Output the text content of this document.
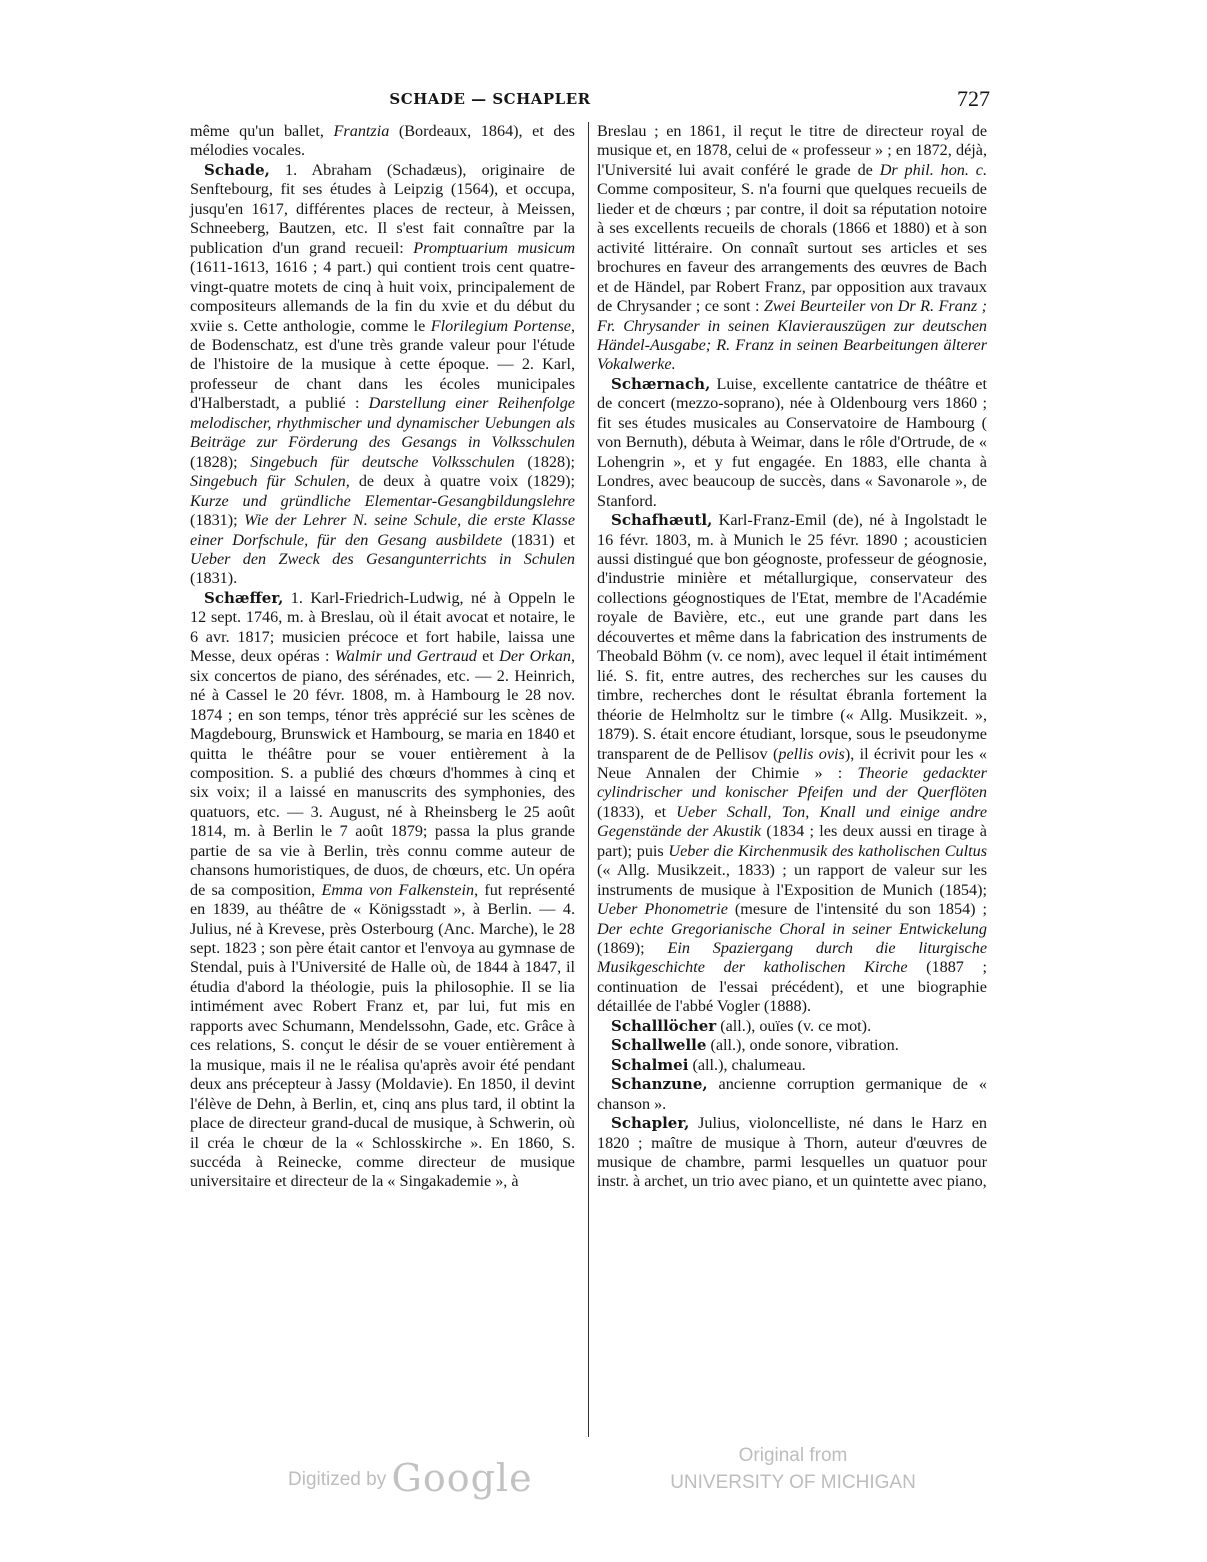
SCHADE — SCHAPLER	727

même qu'un ballet, Frantzia (Bordeaux, 1864), et des mélodies vocales.

Schade, 1. Abraham (Schadæus), originaire de Senftebourg, fit ses études à Leipzig (1564), et occupa, jusqu'en 1617, différentes places de recteur, à Meissen, Schneeberg, Bautzen, etc. Il s'est fait connaître par la publication d'un grand recueil: Promptuarium musicum (1611-1613, 1616 ; 4 part.) qui contient trois cent quatre-vingt-quatre motets de cinq à huit voix, principalement de compositeurs allemands de la fin du xvie et du début du xviie s. Cette anthologie, comme le Florilegium Portense, de Bodenschatz, est d'une très grande valeur pour l'étude de l'histoire de la musique à cette époque. — 2. Karl, professeur de chant dans les écoles municipales d'Halberstadt, a publié : Darstellung einer Reihenfolge melodischer, rhythmischer und dynamischer Uebungen als Beiträge zur Förderung des Gesangs in Volksschulen (1828); Singebuch für deutsche Volksschulen (1828); Singebuch für Schulen, de deux à quatre voix (1829); Kurze und gründliche Elementar-Gesangbildungslehre (1831); Wie der Lehrer N. seine Schule, die erste Klasse einer Dorfschule, für den Gesang ausbildete (1831) et Ueber den Zweck des Gesangunterrichts in Schulen (1831).

Schæffer, 1. Karl-Friedrich-Ludwig, né à Oppeln le 12 sept. 1746, m. à Breslau, où il était avocat et notaire, le 6 avr. 1817; musicien précoce et fort habile, laissa une Messe, deux opéras : Walmir und Gertraud et Der Orkan, six concertos de piano, des sérénades, etc. — 2. Heinrich, né à Cassel le 20 févr. 1808, m. à Hambourg le 28 nov. 1874 ; en son temps, ténor très apprécié sur les scènes de Magdebourg, Brunswick et Hambourg, se maria en 1840 et quitta le théâtre pour se vouer entièrement à la composition. S. a publié des chœurs d'hommes à cinq et six voix; il a laissé en manuscrits des symphonies, des quatuors, etc. — 3. August, né à Rheinsberg le 25 août 1814, m. à Berlin le 7 août 1879; passa la plus grande partie de sa vie à Berlin, très connu comme auteur de chansons humoristiques, de duos, de chœurs, etc. Un opéra de sa composition, Emma von Falkenstein, fut représenté en 1839, au théâtre de « Königsstadt », à Berlin. — 4. Julius, né à Krevese, près Osterbourg (Anc. Marche), le 28 sept. 1823 ; son père était cantor et l'envoya au gymnase de Stendal, puis à l'Université de Halle où, de 1844 à 1847, il étudia d'abord la théologie, puis la philosophie. Il se lia intimément avec Robert Franz et, par lui, fut mis en rapports avec Schumann, Mendelssohn, Gade, etc. Grâce à ces relations, S. conçut le désir de se vouer entièrement à la musique, mais il ne le réalisa qu'après avoir été pendant deux ans précepteur à Jassy (Moldavie). En 1850, il devint l'élève de Dehn, à Berlin, et, cinq ans plus tard, il obtint la place de directeur grand-ducal de musique, à Schwerin, où il créa le chœur de la « Schlosskirche ». En 1860, S. succéda à Reinecke, comme directeur de musique universitaire et directeur de la « Singakademie », à

Breslau ; en 1861, il reçut le titre de directeur royal de musique et, en 1878, celui de « professeur » ; en 1872, déjà, l'Université lui avait conféré le grade de Dr phil. hon. c. Comme compositeur, S. n'a fourni que quelques recueils de lieder et de chœurs ; par contre, il doit sa réputation notoire à ses excellents recueils de chorals (1866 et 1880) et à son activité littéraire. On connaît surtout ses articles et ses brochures en faveur des arrangements des œuvres de Bach et de Händel, par Robert Franz, par opposition aux travaux de Chrysander ; ce sont : Zwei Beurteiler von Dr R. Franz ; Fr. Chrysander in seinen Klavierauszügen zur deutschen Händel-Ausgabe; R. Franz in seinen Bearbeitungen älterer Vokalwerke.

Schærnach, Luise, excellente cantatrice de théâtre et de concert (mezzo-soprano), née à Oldenbourg vers 1860 ; fit ses études musicales au Conservatoire de Hambourg ( von Bernuth), débuta à Weimar, dans le rôle d'Ortrude, de « Lohengrin », et y fut engagée. En 1883, elle chanta à Londres, avec beaucoup de succès, dans « Savonarole », de Stanford.

Schafhæutl, Karl-Franz-Emil (de), né à Ingolstadt le 16 févr. 1803, m. à Munich le 25 févr. 1890 ; acousticien aussi distingué que bon géognoste, professeur de géognosie, d'industrie minière et métallurgique, conservateur des collections géognostiques de l'Etat, membre de l'Académie royale de Bavière, etc., eut une grande part dans les découvertes et même dans la fabrication des instruments de Theobald Böhm (v. ce nom), avec lequel il était intimément lié. S. fit, entre autres, des recherches sur les causes du timbre, recherches dont le résultat ébranla fortement la théorie de Helmholtz sur le timbre (« Allg. Musikzeit. », 1879). S. était encore étudiant, lorsque, sous le pseudonyme transparent de de Pellisov (pellis ovis), il écrivit pour les « Neue Annalen der Chimie » : Theorie gedackter cylindrischer und konischer Pfeifen und der Querflöten (1833), et Ueber Schall, Ton, Knall und einige andre Gegenstände der Akustik (1834 ; les deux aussi en tirage à part); puis Ueber die Kirchenmusik des katholischen Cultus (« Allg. Musikzeit., 1833) ; un rapport de valeur sur les instruments de musique à l'Exposition de Munich (1854); Ueber Phonometrie (mesure de l'intensité du son 1854) ; Der echte Gregorianische Choral in seiner Entwickelung (1869); Ein Spaziergang durch die liturgische Musikgeschichte der katholischen Kirche (1887 ; continuation de l'essai précédent), et une biographie détaillée de l'abbé Vogler (1888).

Schalllöcher (all.), ouïes (v. ce mot).

Schallwelle (all.), onde sonore, vibration.

Schalmei (all.), chalumeau.

Schanzune, ancienne corruption germanique de « chanson ».

Schapler, Julius, violoncelliste, né dans le Harz en 1820 ; maître de musique à Thorn, auteur d'œuvres de musique de chambre, parmi lesquelles un quatuor pour instr. à archet, un trio avec piano, et un quintette avec piano,

Digitized by Google
Original from
UNIVERSITY OF MICHIGAN
